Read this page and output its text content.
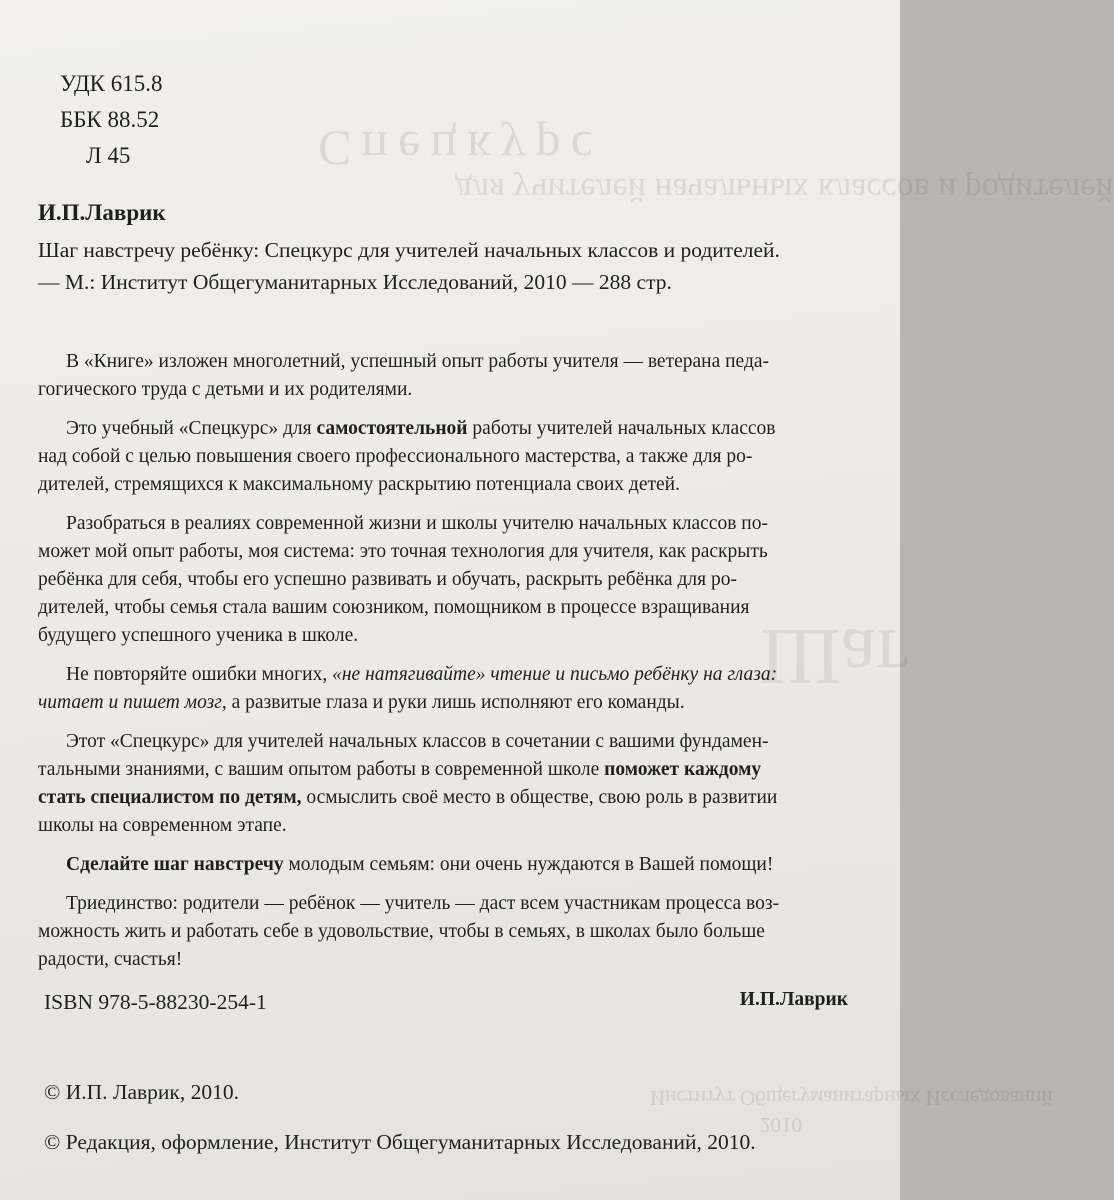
Спецкурс
для учителей начальных классов и родителей
Шаг
Институт Общегуманитарных Исследований
2010
УДК 615.8
ББК 88.52
Л 45
И.П.Лаврик
Шаг навстречу ребёнку: Спецкурс для учителей начальных классов и родителей.
— М.: Институт Общегуманитарных Исследований, 2010 — 288 стр.
В «Книге» изложен многолетний, успешный опыт работы учителя — ветерана педа-
гогического труда с детьми и их родителями.
Это учебный «Спецкурс» для самостоятельной работы учителей начальных классов
над собой с целью повышения своего профессионального мастерства, а также для ро-
дителей, стремящихся к максимальному раскрытию потенциала своих детей.
Разобраться в реалиях современной жизни и школы учителю начальных классов по-
может мой опыт работы, моя система: это точная технология для учителя, как раскрыть
ребёнка для себя, чтобы его успешно развивать и обучать, раскрыть ребёнка для ро-
дителей, чтобы семья стала вашим союзником, помощником в процессе взращивания
будущего успешного ученика в школе.
Не повторяйте ошибки многих, «не натягивайте» чтение и письмо ребёнку на глаза:
читает и пишет мозг, а развитые глаза и руки лишь исполняют его команды.
Этот «Спецкурс» для учителей начальных классов в сочетании с вашими фундамен-
тальными знаниями, с вашим опытом работы в современной школе поможет каждому
стать специалистом по детям, осмыслить своё место в обществе, свою роль в развитии
школы на современном этапе.
Сделайте шаг навстречу молодым семьям: они очень нуждаются в Вашей помощи!
Триединство: родители — ребёнок — учитель — даст всем участникам процесса воз-
можность жить и работать себе в удовольствие, чтобы в семьях, в школах было больше
радости, счастья!
И.П.Лаврик
ISBN 978-5-88230-254-1
© И.П. Лаврик, 2010.
© Редакция, оформление, Институт Общегуманитарных Исследований, 2010.
